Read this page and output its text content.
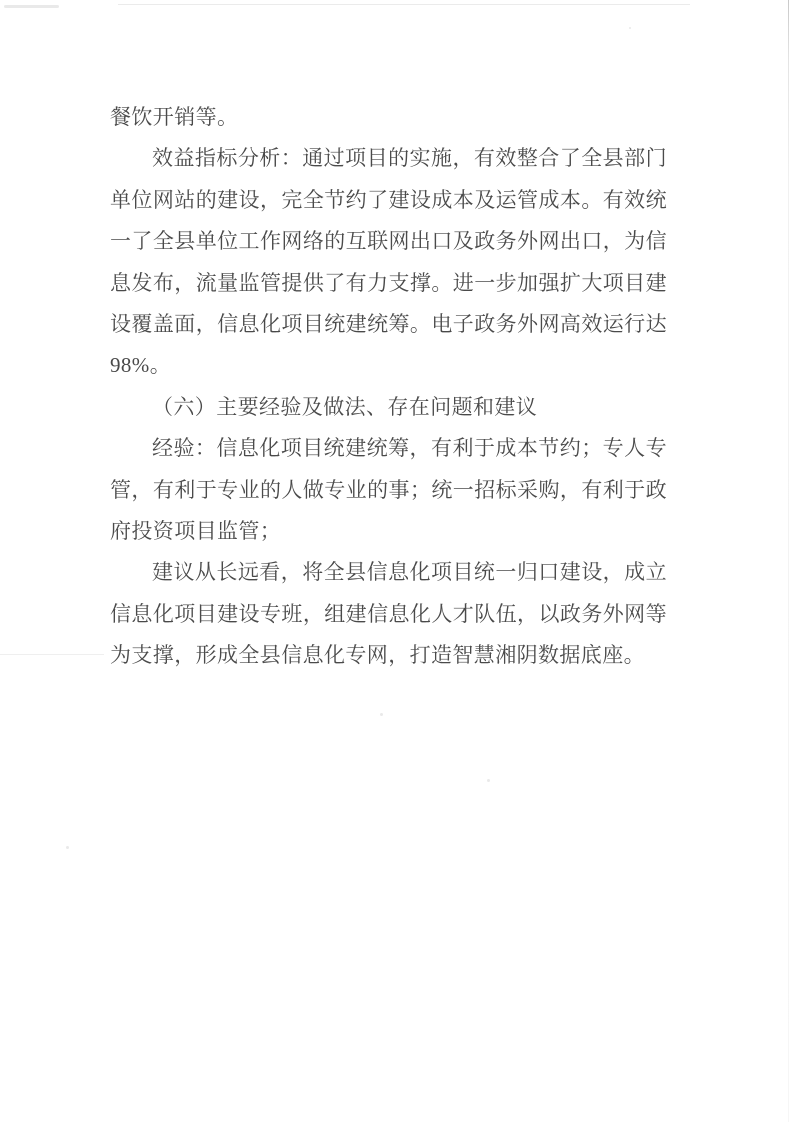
餐饮开销等。

效益指标分析：通过项目的实施，有效整合了全县部门单位网站的建设，完全节约了建设成本及运管成本。有效统一了全县单位工作网络的互联网出口及政务外网出口，为信息发布，流量监管提供了有力支撑。进一步加强扩大项目建设覆盖面，信息化项目统建统筹。电子政务外网高效运行达98%。

（六）主要经验及做法、存在问题和建议

经验：信息化项目统建统筹，有利于成本节约；专人专管，有利于专业的人做专业的事；统一招标采购，有利于政府投资项目监管；

建议从长远看，将全县信息化项目统一归口建设，成立信息化项目建设专班，组建信息化人才队伍，以政务外网等为支撑，形成全县信息化专网，打造智慧湘阴数据底座。
